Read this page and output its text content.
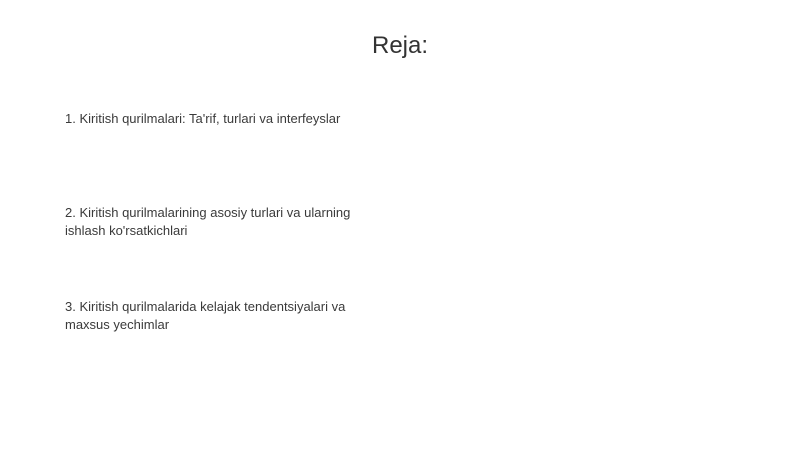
Reja:
1. Kiritish qurilmalari: Ta'rif, turlari va interfeyslar
2. Kiritish qurilmalarining asosiy turlari va ularning ishlash ko'rsatkichlari
3. Kiritish qurilmalarida kelajak tendentsiyalari va maxsus yechimlar
